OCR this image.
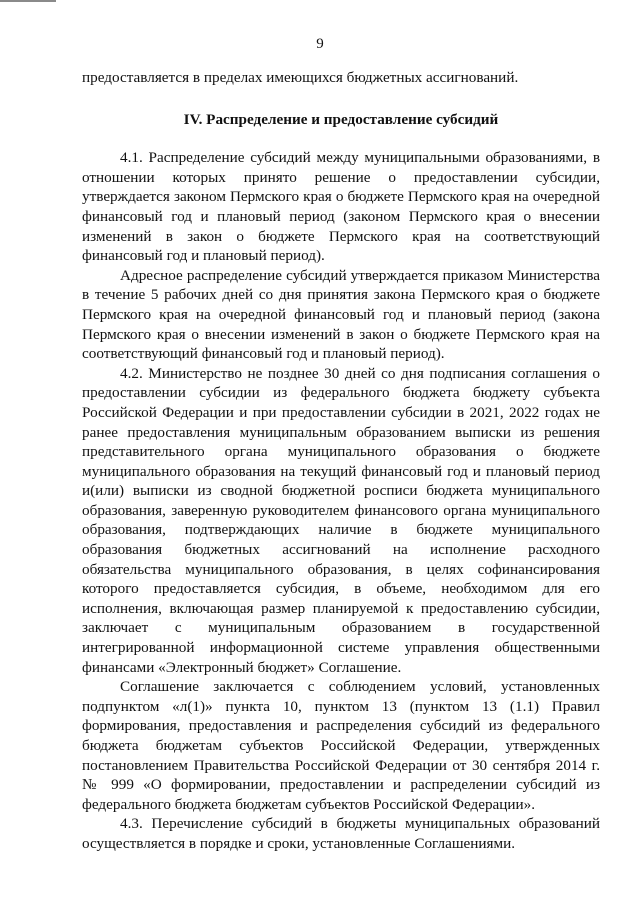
9

предоставляется в пределах имеющихся бюджетных ассигнований.

IV. Распределение и предоставление субсидий

4.1. Распределение субсидий между муниципальными образованиями, в отношении которых принято решение о предоставлении субсидии, утверждается законом Пермского края о бюджете Пермского края на очередной финансовый год и плановый период (законом Пермского края о внесении изменений в закон о бюджете Пермского края на соответствующий финансовый год и плановый период).

Адресное распределение субсидий утверждается приказом Министерства в течение 5 рабочих дней со дня принятия закона Пермского края о бюджете Пермского края на очередной финансовый год и плановый период (закона Пермского края о внесении изменений в закон о бюджете Пермского края на соответствующий финансовый год и плановый период).

4.2. Министерство не позднее 30 дней со дня подписания соглашения о предоставлении субсидии из федерального бюджета бюджету субъекта Российской Федерации и при предоставлении субсидии в 2021, 2022 годах не ранее предоставления муниципальным образованием выписки из решения представительного органа муниципального образования о бюджете муниципального образования на текущий финансовый год и плановый период и(или) выписки из сводной бюджетной росписи бюджета муниципального образования, заверенную руководителем финансового органа муниципального образования, подтверждающих наличие в бюджете муниципального образования бюджетных ассигнований на исполнение расходного обязательства муниципального образования, в целях софинансирования которого предоставляется субсидия, в объеме, необходимом для его исполнения, включающая размер планируемой к предоставлению субсидии, заключает с муниципальным образованием в государственной интегрированной информационной системе управления общественными финансами «Электронный бюджет» Соглашение.

Соглашение заключается с соблюдением условий, установленных подпунктом «л(1)» пункта 10, пунктом 13 (пунктом 13 (1.1) Правил формирования, предоставления и распределения субсидий из федерального бюджета бюджетам субъектов Российской Федерации, утвержденных постановлением Правительства Российской Федерации от 30 сентября 2014 г. № 999 «О формировании, предоставлении и распределении субсидий из федерального бюджета бюджетам субъектов Российской Федерации».

4.3. Перечисление субсидий в бюджеты муниципальных образований осуществляется в порядке и сроки, установленные Соглашениями.
